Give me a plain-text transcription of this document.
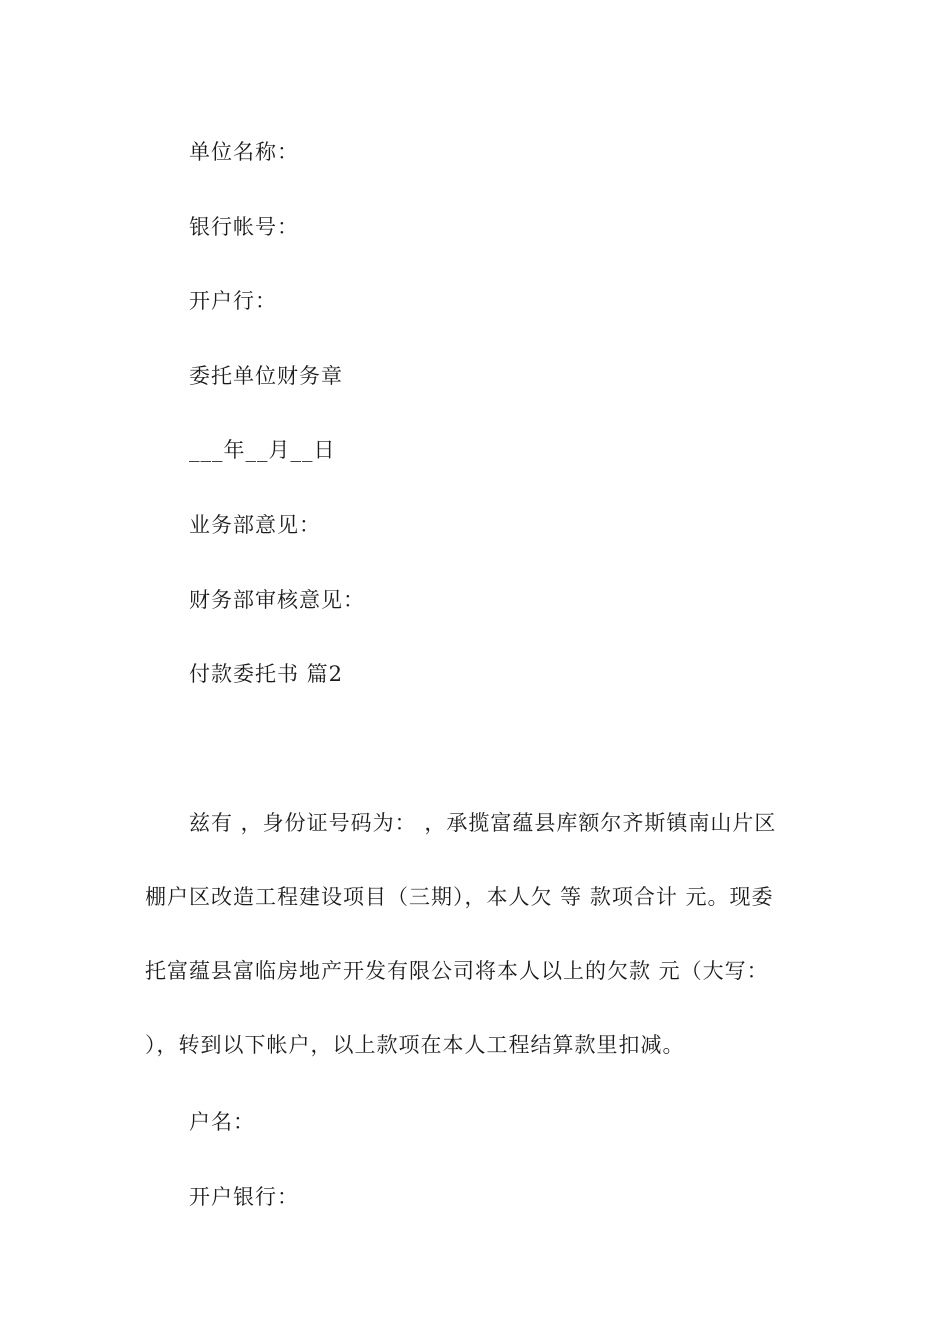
单位名称：
银行帐号：
开户行：
委托单位财务章
___年__月__日
业务部意见：
财务部审核意见：
付款委托书 篇2
兹有 ，身份证号码为： ，承揽富蕴县库额尔齐斯镇南山片区
棚户区改造工程建设项目（三期），本人欠 等 款项合计 元。现委
托富蕴县富临房地产开发有限公司将本人以上的欠款 元（大写：
），转到以下帐户，以上款项在本人工程结算款里扣减。
户名：
开户银行：
